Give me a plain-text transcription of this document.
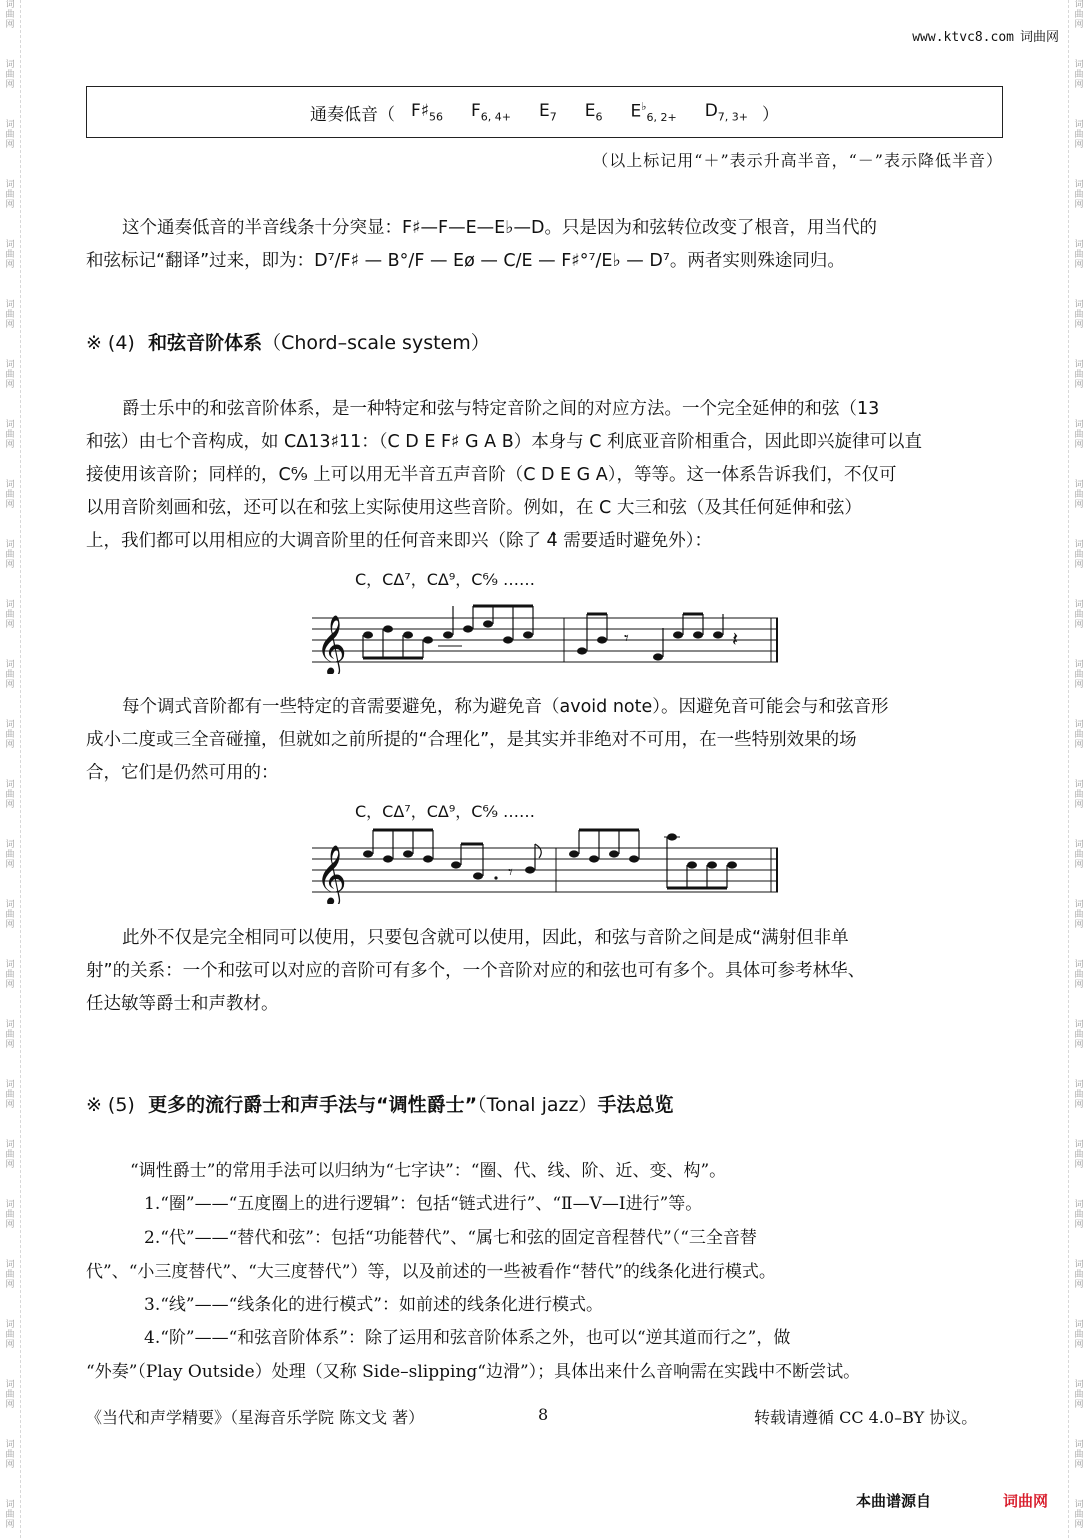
词
曲
网
词
曲
网
词
曲
网
词
曲
网
词
曲
网
词
曲
网
词
曲
网
词
曲
网
词
曲
网
词
曲
网
词
曲
网
词
曲
网
词
曲
网
词
曲
网
词
曲
网
词
曲
网
词
曲
网
词
曲
网
词
曲
网
词
曲
网
词
曲
网
词
曲
网
词
曲
网
词
曲
网
词
曲
网
词
曲
网
词
曲
网
词
曲
网
词
曲
网
词
曲
网
词
曲
网
词
曲
网
词
曲
网
词
曲
网
词
曲
网
词
曲
网
词
曲
网
词
曲
网
词
曲
网
词
曲
网
词
曲
网
词
曲
网
词
曲
网
词
曲
网
词
曲
网
词
曲
网
词
曲
网
词
曲
网
词
曲
网
词
曲
网
词
曲
网
词
曲
网
www.ktvc8.com 词曲网
通奏低音（ $F♯_{56}$ $F_{6, 4+}$ $E_7$ $E_6$ $E^♭_{6, 2+}$ $D_{7, 3+}$ ）
（以上标记用“＋”表示升高半音，“－”表示降低半音）
这个通奏低音的半音线条十分突显：F♯—F—E—E♭—D。只是因为和弦转位改变了根音，用当代的
和弦标记“翻译”过来，即为：D⁷/F♯ — B°/F — Eø — C/E — F♯°⁷/E♭ — D⁷。两者实则殊途同归。
※ (4) 和弦音阶体系（Chord–scale system）
爵士乐中的和弦音阶体系，是一种特定和弦与特定音阶之间的对应方法。一个完全延伸的和弦（13
和弦）由七个音构成，如 CΔ13♯11：（C D E F♯ G A B）本身与 C 利底亚音阶相重合，因此即兴旋律可以直
接使用该音阶；同样的，C⁶⁄₉ 上可以用无半音五声音阶（C D E G A），等等。这一体系告诉我们，不仅可
以用音阶刻画和弦，还可以在和弦上实际使用这些音阶。例如，在 C 大三和弦（及其任何延伸和弦）
上，我们都可以用相应的大调音阶里的任何音来即兴（除了 4̂ 需要适时避免外）：
C，CΔ⁷，CΔ⁹，C⁶⁄₉ ……
𝄞	𝄾	𝄽
每个调式音阶都有一些特定的音需要避免，称为避免音（avoid note）。因避免音可能会与和弦音形
成小二度或三全音碰撞，但就如之前所提的“合理化”，是其实并非绝对不可用，在一些特别效果的场
合，它们是仍然可用的：
C，CΔ⁷，CΔ⁹，C⁶⁄₉ ……
𝄞	𝄾
此外不仅是完全相同可以使用，只要包含就可以使用，因此，和弦与音阶之间是成“满射但非单
射”的关系：一个和弦可以对应的音阶可有多个，一个音阶对应的和弦也可有多个。具体可参考林华、
任达敏等爵士和声教材。
※ (5) 更多的流行爵士和声手法与“调性爵士”（Tonal jazz）手法总览
“调性爵士”的常用手法可以归纳为“七字诀”：“圈、代、线、阶、近、变、构”。
1.“圈”——“五度圈上的进行逻辑”：包括“链式进行”、“Ⅱ—Ⅴ—Ⅰ进行”等。
2.“代”——“替代和弦”：包括“功能替代”、“属七和弦的固定音程替代”（“三全音替
代”、“小三度替代”、“大三度替代”）等，以及前述的一些被看作“替代”的线条化进行模式。
3.“线”——“线条化的进行模式”：如前述的线条化进行模式。
4.“阶”——“和弦音阶体系”：除了运用和弦音阶体系之外，也可以“逆其道而行之”，做
“外奏”（Play Outside）处理（又称 Side–slipping“边滑”）；具体出来什么音响需在实践中不断尝试。
《当代和声学精要》（星海音乐学院 陈文戈 著）	8	转载请遵循 CC 4.0–BY 协议。
本曲谱源自	词曲网
